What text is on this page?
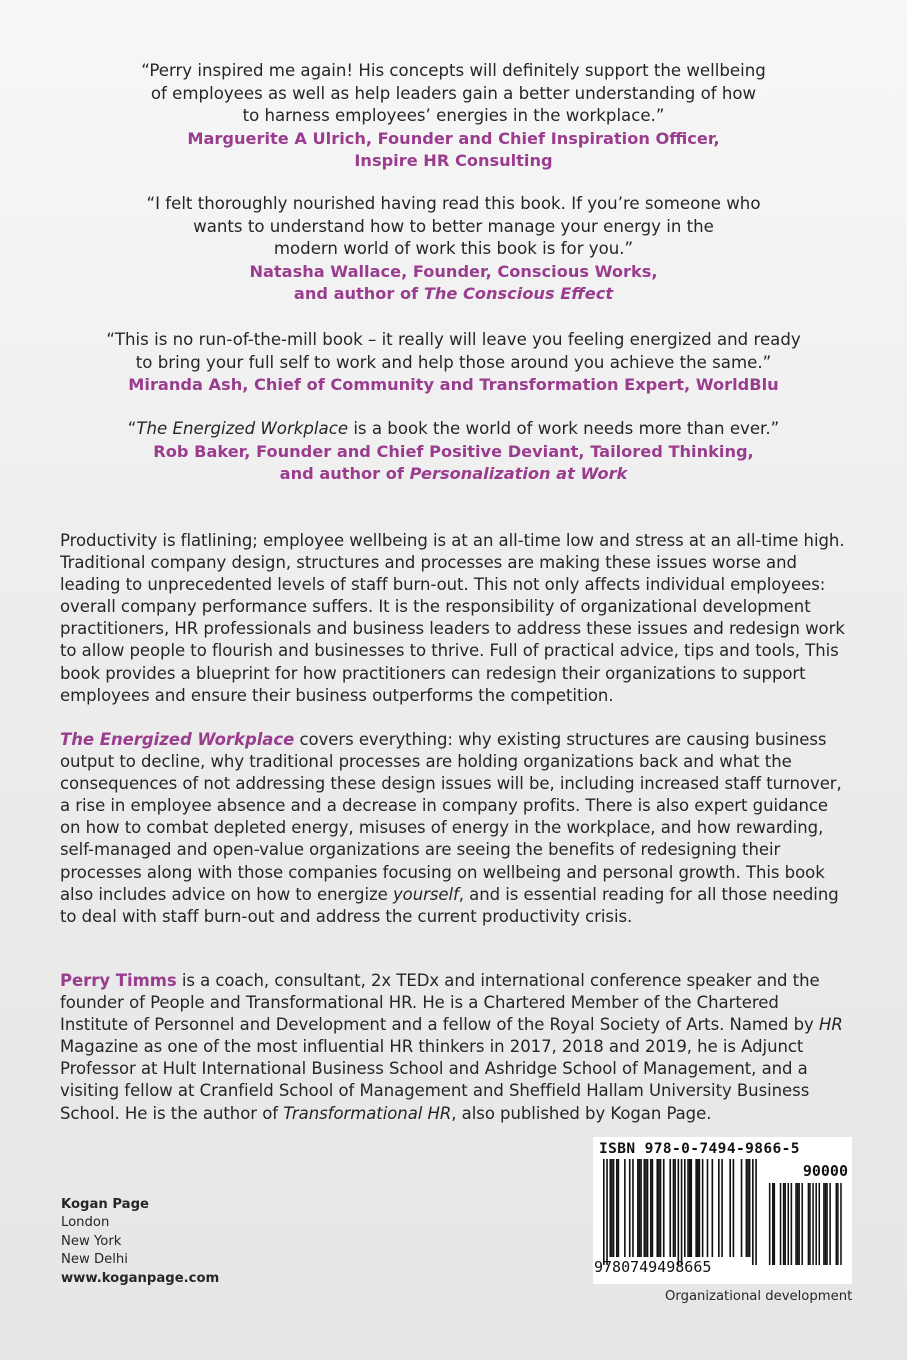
“Perry inspired me again! His concepts will definitely support the wellbeing
of employees as well as help leaders gain a better understanding of how
to harness employees’ energies in the workplace.”
Marguerite A Ulrich, Founder and Chief Inspiration Officer,
Inspire HR Consulting
“I felt thoroughly nourished having read this book. If you’re someone who
wants to understand how to better manage your energy in the
modern world of work this book is for you.”
Natasha Wallace, Founder, Conscious Works,
and author of The Conscious Effect
“This is no run-of-the-mill book – it really will leave you feeling energized and ready
to bring your full self to work and help those around you achieve the same.”
Miranda Ash, Chief of Community and Transformation Expert, WorldBlu
“The Energized Workplace is a book the world of work needs more than ever.”
Rob Baker, Founder and Chief Positive Deviant, Tailored Thinking,
and author of Personalization at Work
Productivity is flatlining; employee wellbeing is at an all-time low and stress at an all-time high. Traditional company design, structures and processes are making these issues worse and leading to unprecedented levels of staff burn-out. This not only affects individual employees: overall company performance suffers. It is the responsibility of organizational development practitioners, HR professionals and business leaders to address these issues and redesign work to allow people to flourish and businesses to thrive. Full of practical advice, tips and tools, This book provides a blueprint for how practitioners can redesign their organizations to support employees and ensure their business outperforms the competition.
The Energized Workplace covers everything: why existing structures are causing business output to decline, why traditional processes are holding organizations back and what the consequences of not addressing these design issues will be, including increased staff turnover, a rise in employee absence and a decrease in company profits. There is also expert guidance on how to combat depleted energy, misuses of energy in the workplace, and how rewarding, self-managed and open-value organizations are seeing the benefits of redesigning their processes along with those companies focusing on wellbeing and personal growth. This book also includes advice on how to energize yourself, and is essential reading for all those needing to deal with staff burn-out and address the current productivity crisis.
Perry Timms is a coach, consultant, 2x TEDx and international conference speaker and the founder of People and Transformational HR. He is a Chartered Member of the Chartered Institute of Personnel and Development and a fellow of the Royal Society of Arts. Named by HR Magazine as one of the most influential HR thinkers in 2017, 2018 and 2019, he is Adjunct Professor at Hult International Business School and Ashridge School of Management, and a visiting fellow at Cranfield School of Management and Sheffield Hallam University Business School. He is the author of Transformational HR, also published by Kogan Page.
Kogan Page
London
New York
New Delhi
www.koganpage.com
9780749498665
90000
ISBN 978-0-7494-9866-5
Organizational development
